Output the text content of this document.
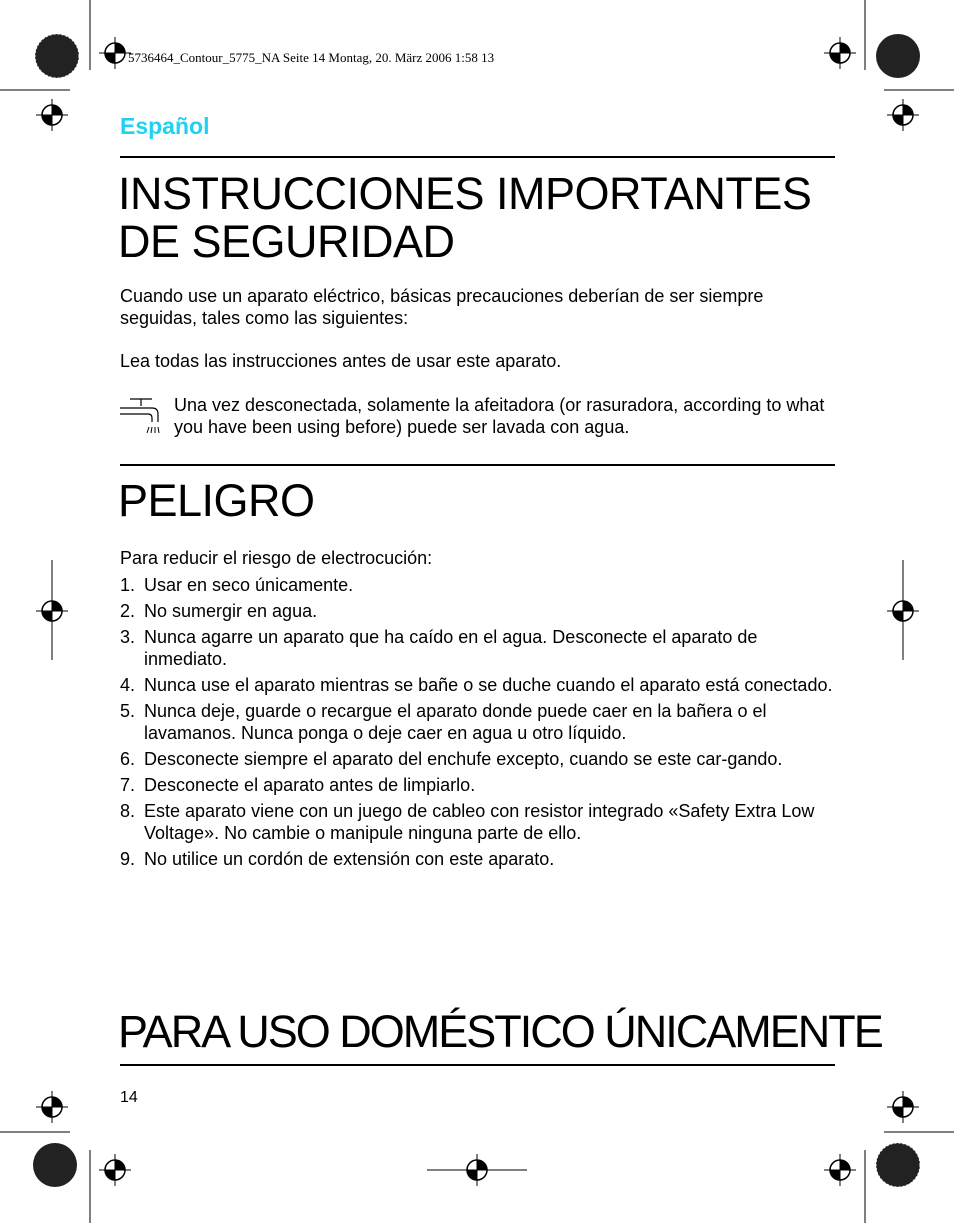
5736464_Contour_5775_NA Seite 14 Montag, 20. März 2006 1:58 13
Español
INSTRUCCIONES IMPORTANTES
DE SEGURIDAD

Cuando use un aparato eléctrico, básicas precauciones deberían de ser siempre seguidas, tales como las siguientes:

Lea todas las instrucciones antes de usar este aparato.

Una vez desconectada, solamente la afeitadora (or rasuradora, according to what you have been using before) puede ser lavada con agua.

PELIGRO

Para reducir el riesgo de electrocución:

1. Usar en seco únicamente.
2. No sumergir en agua.
3. Nunca agarre un aparato que ha caído en el agua. Desconecte el aparato de inmediato.
4. Nunca use el aparato mientras se bañe o se duche cuando el aparato está conectado.
5. Nunca deje, guarde o recargue el aparato donde puede caer en la bañera o el lavamanos. Nunca ponga o deje caer en agua u otro líquido.
6. Desconecte siempre el aparato del enchufe excepto, cuando se este car-gando.
7. Desconecte el aparato antes de limpiarlo.
8. Este aparato viene con un juego de cableo con resistor integrado «Safety Extra Low Voltage». No cambie o manipule ninguna parte de ello.
9. No utilice un cordón de extensión con este aparato.
PARA USO DOMÉSTICO ÚNICAMENTE
14
